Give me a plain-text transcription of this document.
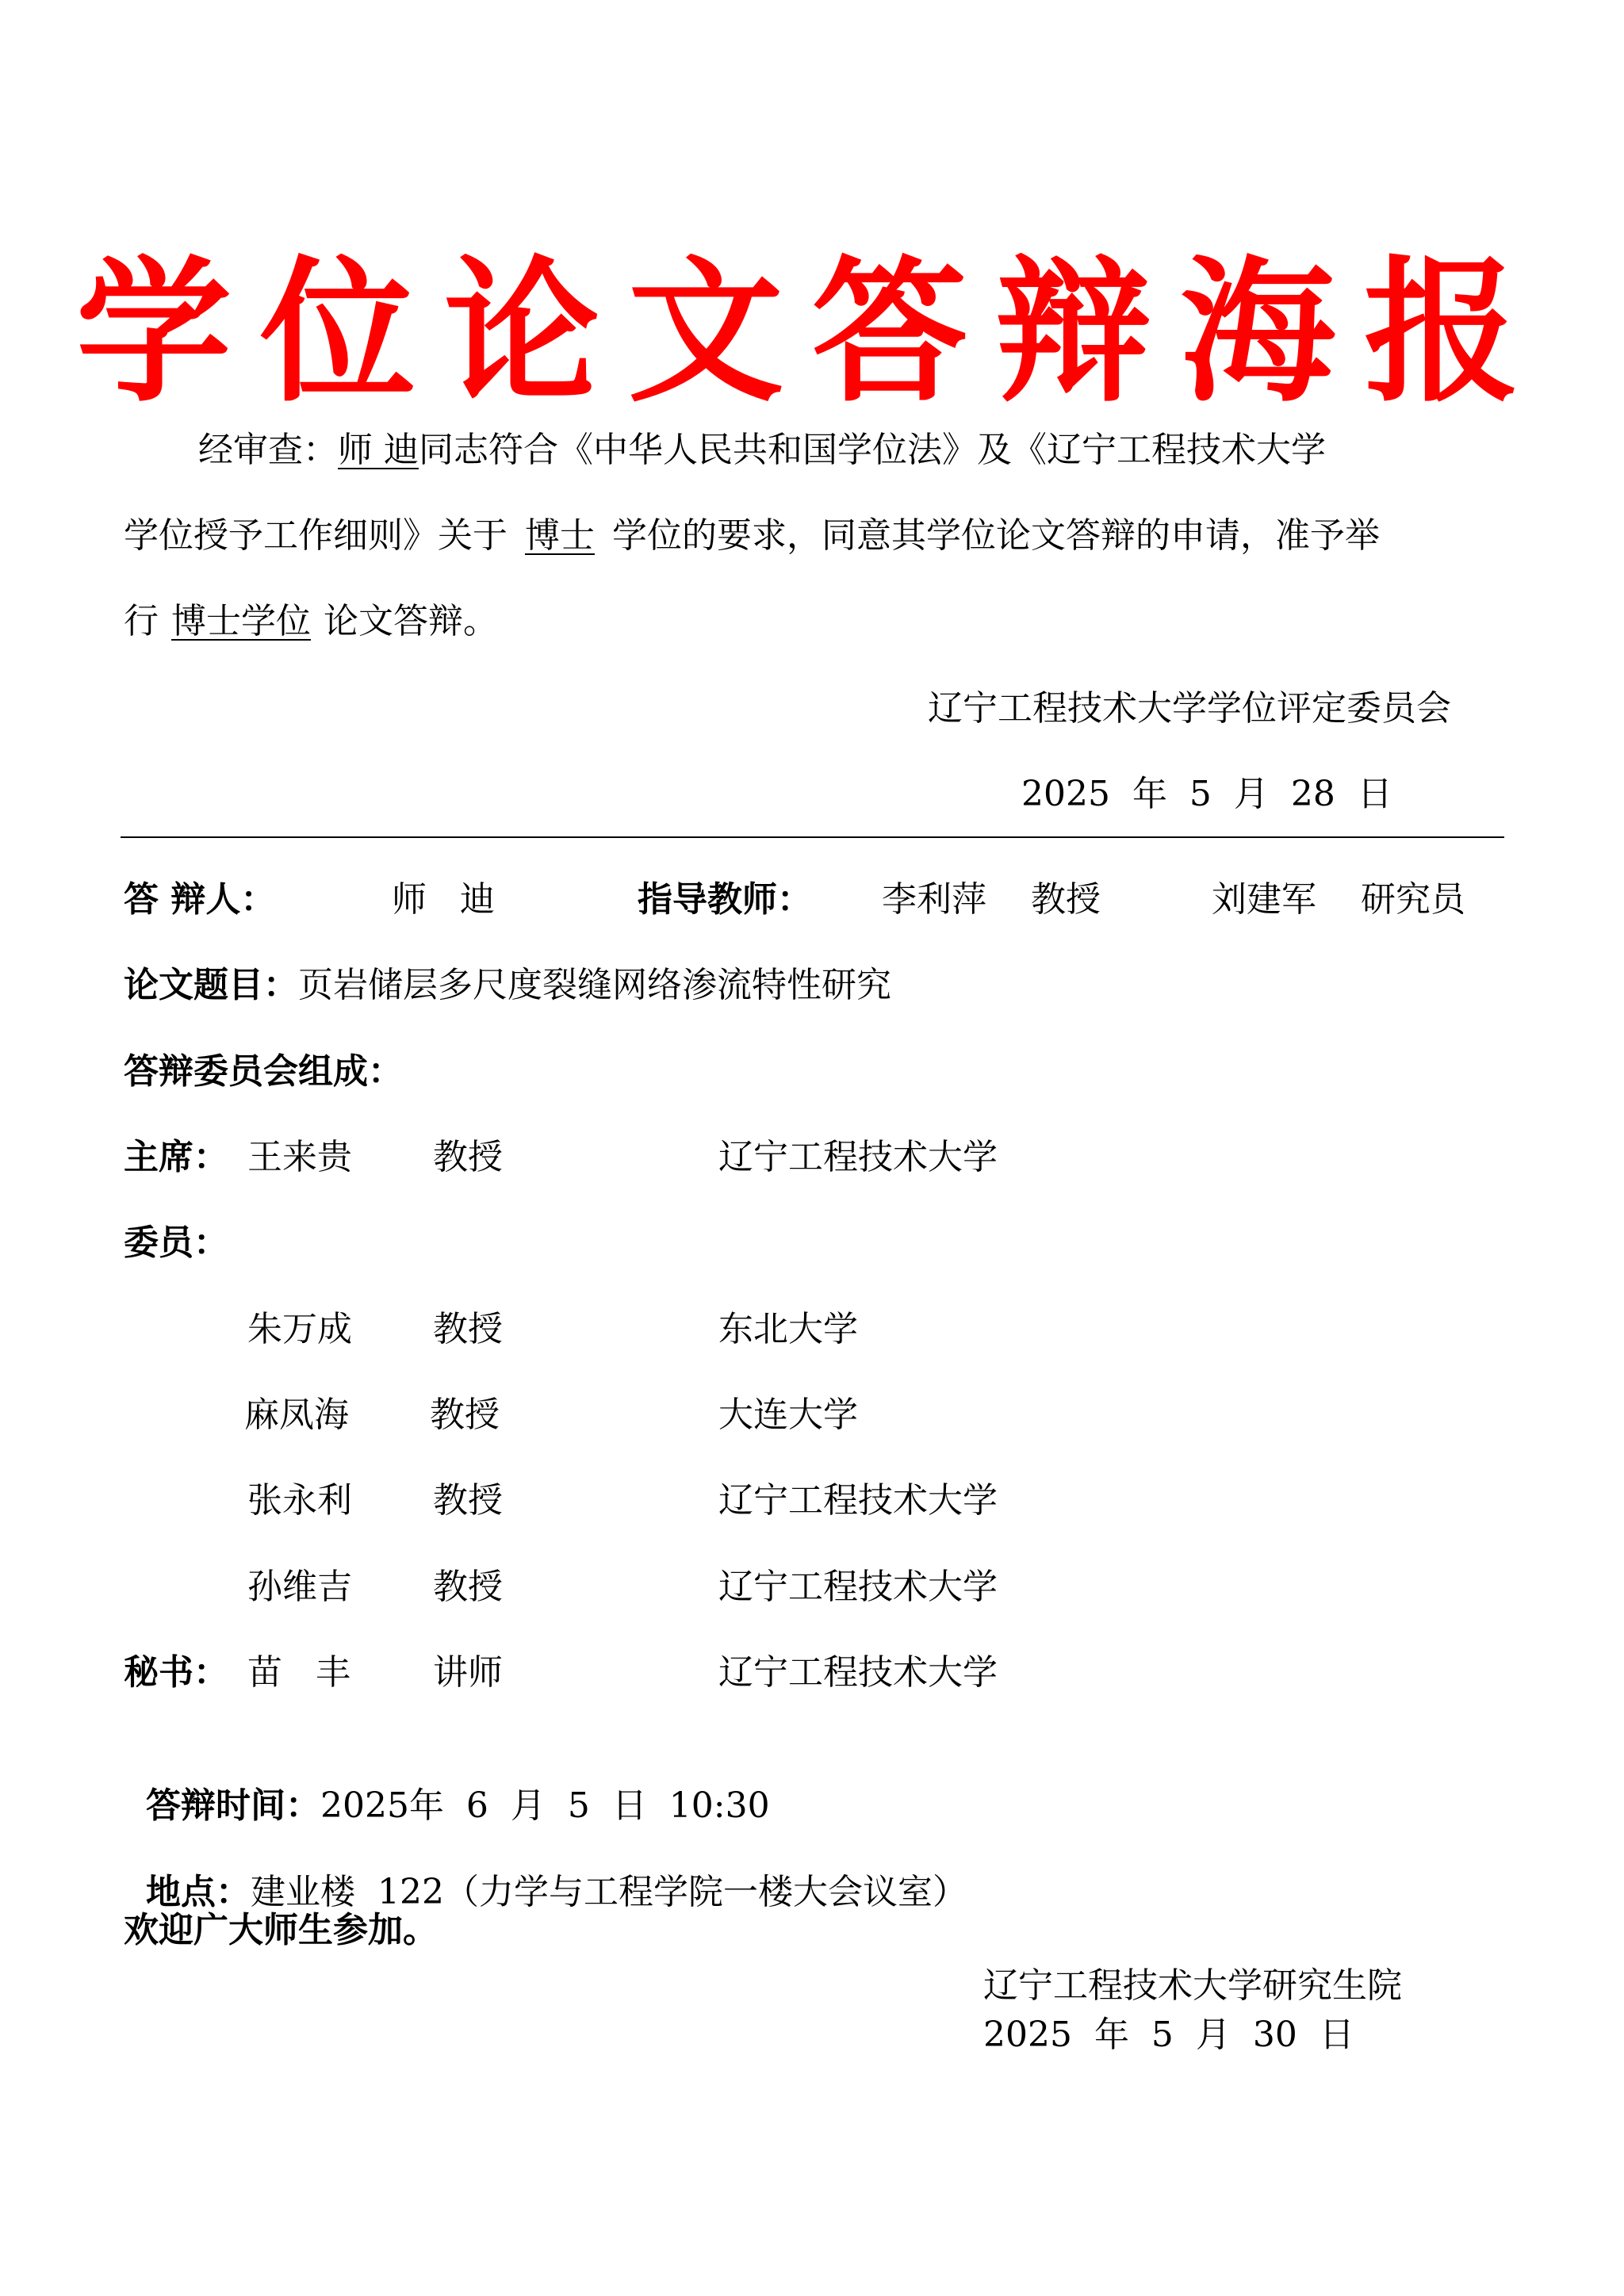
学位论文答辩海报
经审查：师 迪同志符合《中华人民共和国学位法》及《辽宁工程技术大学
学位授予工作细则》关于 博士 学位的要求，同意其学位论文答辩的申请，准予举
行 博士学位 论文答辩。
辽宁工程技术大学学位评定委员会
2025  年  5  月  28  日
答 辩人：	师   迪	指导教师： 李利萍    教授	刘建军    研究员
论文题目：页岩储层多尺度裂缝网络渗流特性研究
答辩委员会组成：
主席： 王来贵 教授	辽宁工程技术大学
委员：
朱万成 教授	东北大学
麻凤海 教授	大连大学
张永利 教授	辽宁工程技术大学
孙维吉 教授	辽宁工程技术大学
秘书： 苗   丰 讲师	辽宁工程技术大学

答辩时间：2025年  6  月  5  日  10:30

地点：建业楼  122（力学与工程学院一楼大会议室）

欢迎广大师生参加。
辽宁工程技术大学研究生院
2025  年  5  月  30  日
